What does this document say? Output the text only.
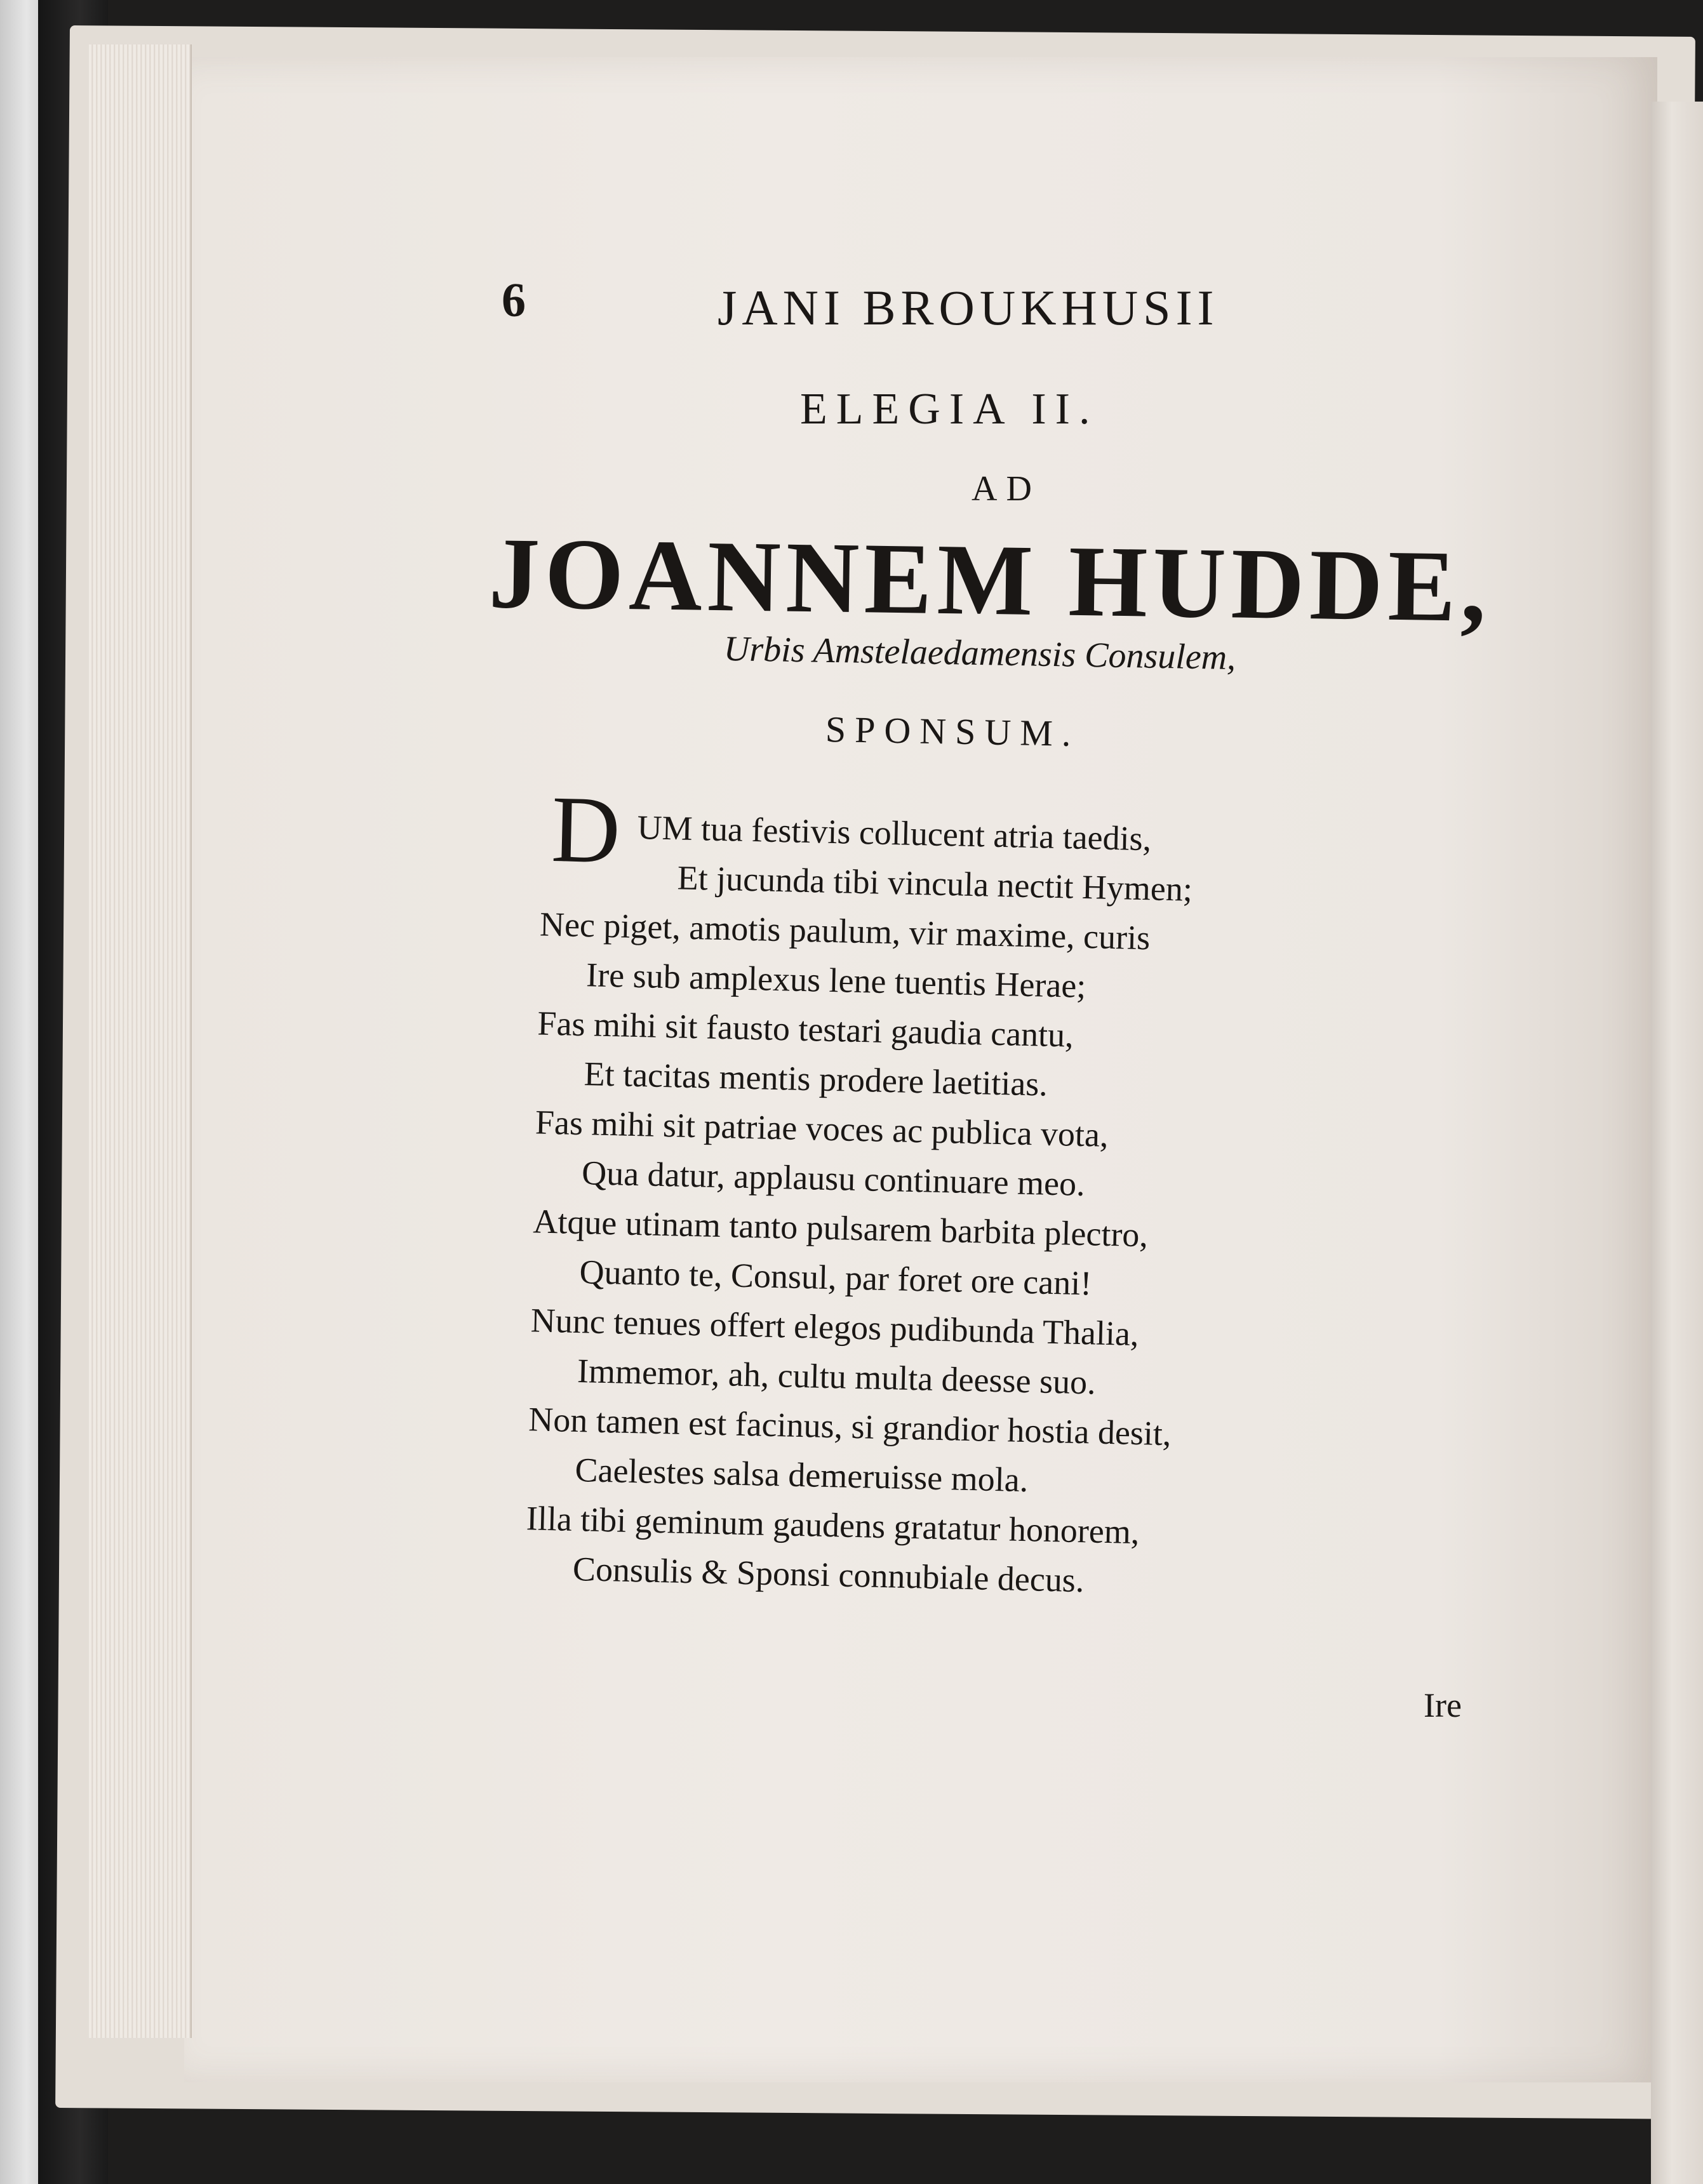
6	JANI BROUKHUSII
ELEGIA II.
AD
JOANNEM HUDDE,
Urbis Amstelaedamensis Consulem,
SPONSUM.
D UM tua festivis collucent atria taedis,
Et jucunda tibi vincula nectit Hymen;
Nec piget, amotis paulum, vir maxime, curis
Ire sub amplexus lene tuentis Herae;
Fas mihi sit fausto testari gaudia cantu,
Et tacitas mentis prodere laetitias.
Fas mihi sit patriae voces ac publica vota,
Qua datur, applausu continuare meo.
Atque utinam tanto pulsarem barbita plectro,
Quanto te, Consul, par foret ore cani!
Nunc tenues offert elegos pudibunda Thalia,
Immemor, ah, cultu multa deesse suo.
Non tamen est facinus, si grandior hostia desit,
Caelestes salsa demeruisse mola.
Illa tibi geminum gaudens gratatur honorem,
Consulis & Sponsi connubiale decus.
Ire
